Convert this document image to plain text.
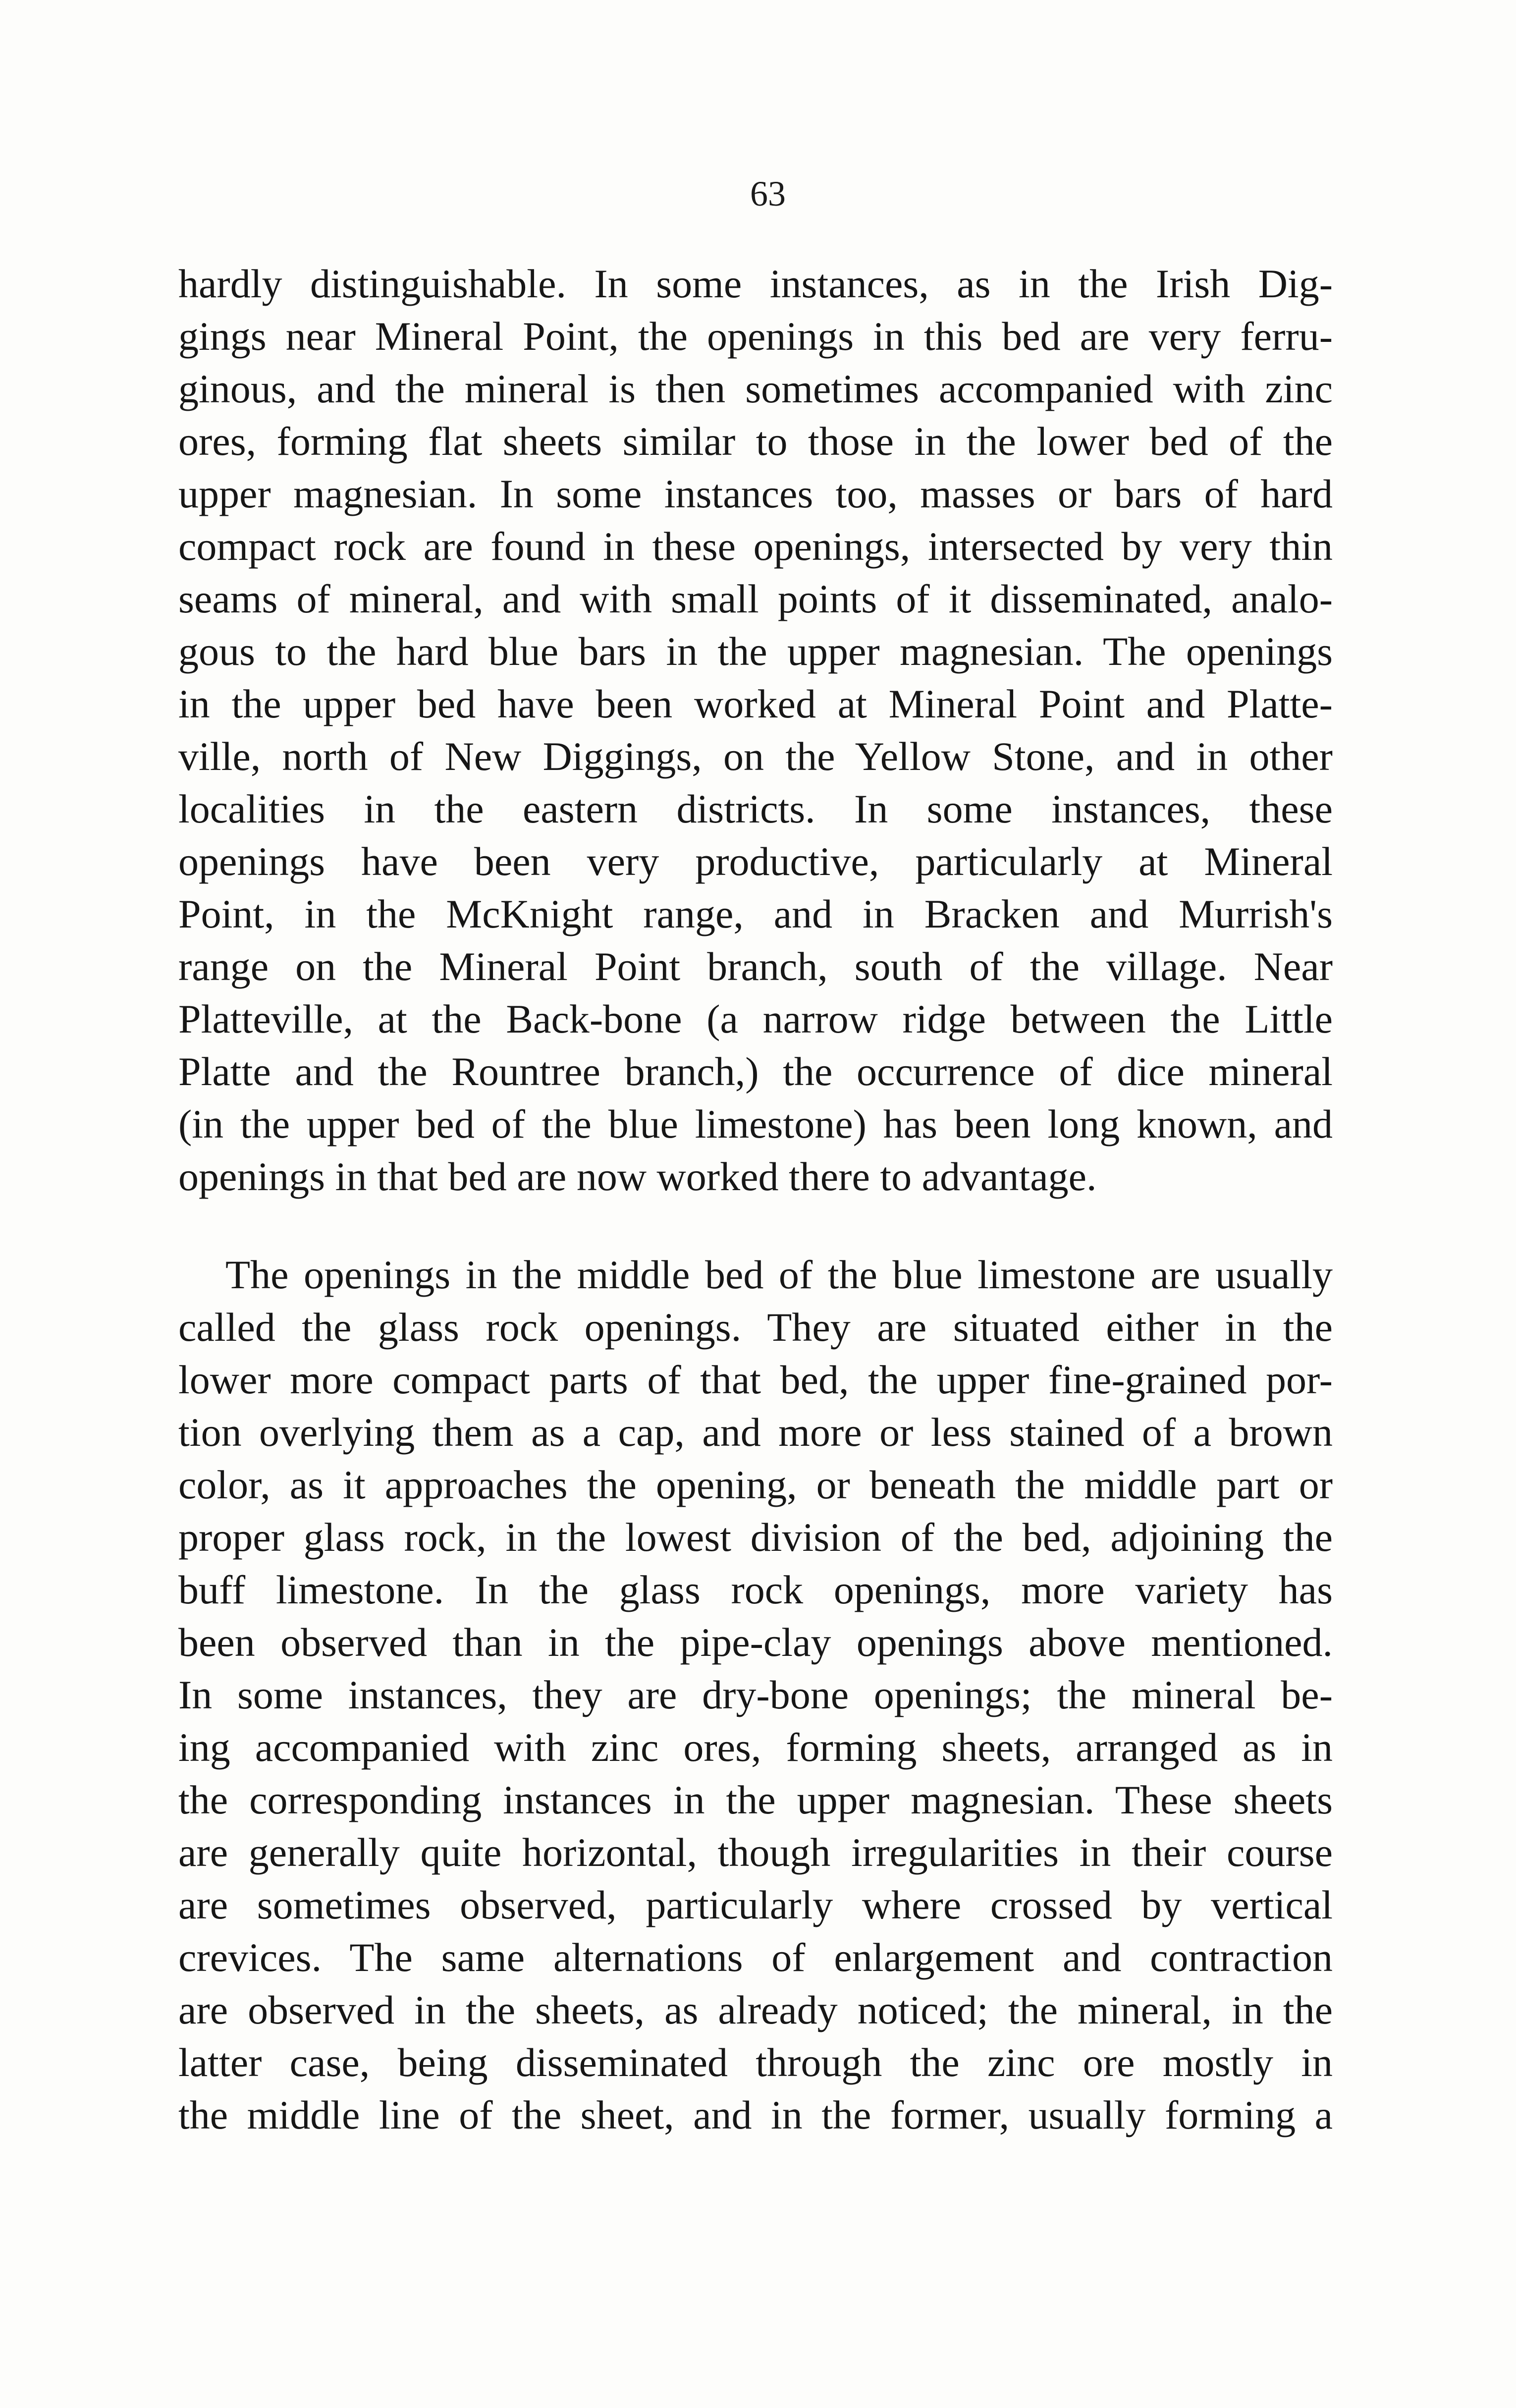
63
hardly distinguishable. In some instances, as in the Irish Dig-
gings near Mineral Point, the openings in this bed are very ferru-
ginous, and the mineral is then sometimes accompanied with zinc
ores, forming flat sheets similar to those in the lower bed of the
upper magnesian. In some instances too, masses or bars of hard
compact rock are found in these openings, intersected by very thin
seams of mineral, and with small points of it disseminated, analo-
gous to the hard blue bars in the upper magnesian. The openings
in the upper bed have been worked at Mineral Point and Platte-
ville, north of New Diggings, on the Yellow Stone, and in other
localities in the eastern districts. In some instances, these
openings have been very productive, particularly at Mineral
Point, in the McKnight range, and in Bracken and Murrish's
range on the Mineral Point branch, south of the village. Near
Platteville, at the Back-bone (a narrow ridge between the Little
Platte and the Rountree branch,) the occurrence of dice mineral
(in the upper bed of the blue limestone) has been long known, and
openings in that bed are now worked there to advantage.
The openings in the middle bed of the blue limestone are usually
called the glass rock openings. They are situated either in the
lower more compact parts of that bed, the upper fine-grained por-
tion overlying them as a cap, and more or less stained of a brown
color, as it approaches the opening, or beneath the middle part or
proper glass rock, in the lowest division of the bed, adjoining the
buff limestone. In the glass rock openings, more variety has
been observed than in the pipe-clay openings above mentioned.
In some instances, they are dry-bone openings; the mineral be-
ing accompanied with zinc ores, forming sheets, arranged as in
the corresponding instances in the upper magnesian. These sheets
are generally quite horizontal, though irregularities in their course
are sometimes observed, particularly where crossed by vertical
crevices. The same alternations of enlargement and contraction
are observed in the sheets, as already noticed; the mineral, in the
latter case, being disseminated through the zinc ore mostly in
the middle line of the sheet, and in the former, usually forming a
